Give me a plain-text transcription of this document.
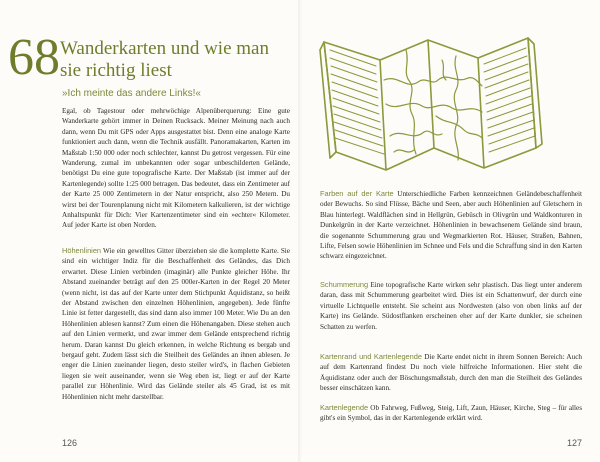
68 Wanderkarten und wie man sie richtig liest
»Ich meinte das andere Links!«
Egal, ob Tagestour oder mehrwöchige Alpenüberquerung: Eine gute Wanderkarte gehört immer in Deinen Rucksack. Meiner Meinung nach auch dann, wenn Du mit GPS oder Apps ausgestattet bist. Denn eine analoge Karte funktioniert auch dann, wenn die Technik ausfällt. Panoramakarten, Karten im Maßstab 1:50 000 oder noch schlechter, kannst Du getrost vergessen. Für eine Wanderung, zumal im unbekannten oder sogar unbeschilderten Gelände, benötigst Du eine gute topografische Karte. Der Maßstab (ist immer auf der Kartenlegende) sollte 1:25 000 betragen. Das bedeutet, dass ein Zentimeter auf der Karte 25 000 Zentimetern in der Natur entspricht, also 250 Metern. Du wirst bei der Tourenplanung nicht mit Kilometern kalkulieren, ist der wichtige Anhaltspunkt für Dich: Vier Kartenzentimeter sind ein »echter« Kilometer. Auf jeder Karte ist oben Norden.
Höhenlinien Wie ein gewelltes Gitter überziehen sie die komplette Karte. Sie sind ein wichtiger Indiz für die Beschaffenheit des Geländes, das Dich erwartet. Diese Linien verbinden (imaginär) alle Punkte gleicher Höhe. Ihr Abstand zueinander beträgt auf den 25 000er-Karten in der Regel 20 Meter (wenn nicht, ist das auf der Karte unter dem Stichpunkt Äquidistanz, so heißt der Abstand zwischen den einzelnen Höhenlinien, angegeben). Jede fünfte Linie ist fetter dargestellt, das sind dann also immer 100 Meter. Wie Du an den Höhenlinien ablesen kannst? Zum einen die Höhenangaben. Diese stehen auch auf den Linien vermerkt, und zwar immer dem Gelände entsprechend richtig herum. Daran kannst Du gleich erkennen, in welche Richtung es bergab und bergauf geht. Zudem lässt sich die Steilheit des Geländes an ihnen ablesen. Je enger die Linien zueinander liegen, desto steiler wird's, in flachen Gebieten liegen sie weit auseinander, wenn sie Weg eben ist, liegt er auf der Karte parallel zur Höhenlinie. Wird das Gelände steiler als 45 Grad, ist es mit Höhenlinien nicht mehr darstellbar.
126
Farben auf der Karte Unterschiedliche Farben kennzeichnen Geländebeschaffenheit oder Bewuchs. So sind Flüsse, Bäche und Seen, aber auch Höhenlinien auf Gletschern in Blau hinterlegt. Waldflächen sind in Hellgrün, Gebüsch in Olivgrün und Waldkonturen in Dunkelgrün in der Karte verzeichnet. Höhenlinien in bewachsenem Gelände sind braun, die sogenannte Schummerung grau und Wegmarkierten Rot. Häuser, Straßen, Bahnen, Lifte, Felsen sowie Höhenlinien im Schnee und Fels und die Schraffung sind in den Karten schwarz eingezeichnet.
Schummerung Eine topografische Karte wirken sehr plastisch. Das liegt unter anderem daran, dass mit Schummerung gearbeitet wird. Dies ist ein Schattenwurf, der durch eine virtuelle Lichtquelle entsteht. Sie scheint aus Nordwesten (also von oben links auf der Karte) ins Gelände. Südostflanken erscheinen eher auf der Karte dunkler, sie scheinen Schatten zu werfen.
Kartenrand und Kartenlegende Die Karte endet nicht in ihrem Sonnen Bereich: Auch auf dem Kartenrand findest Du noch viele hilfreiche Informationen. Hier steht die Äquidistanz oder auch der Böschungsmaßstab, durch den man die Steilheit des Geländes besser einschätzen kann.
Kartenlegende Ob Fahrweg, Fußweg, Steig, Lift, Zaun, Häuser, Kirche, Steg – für alles gibt's ein Symbol, das in der Kartenlegende erklärt wird.
127
